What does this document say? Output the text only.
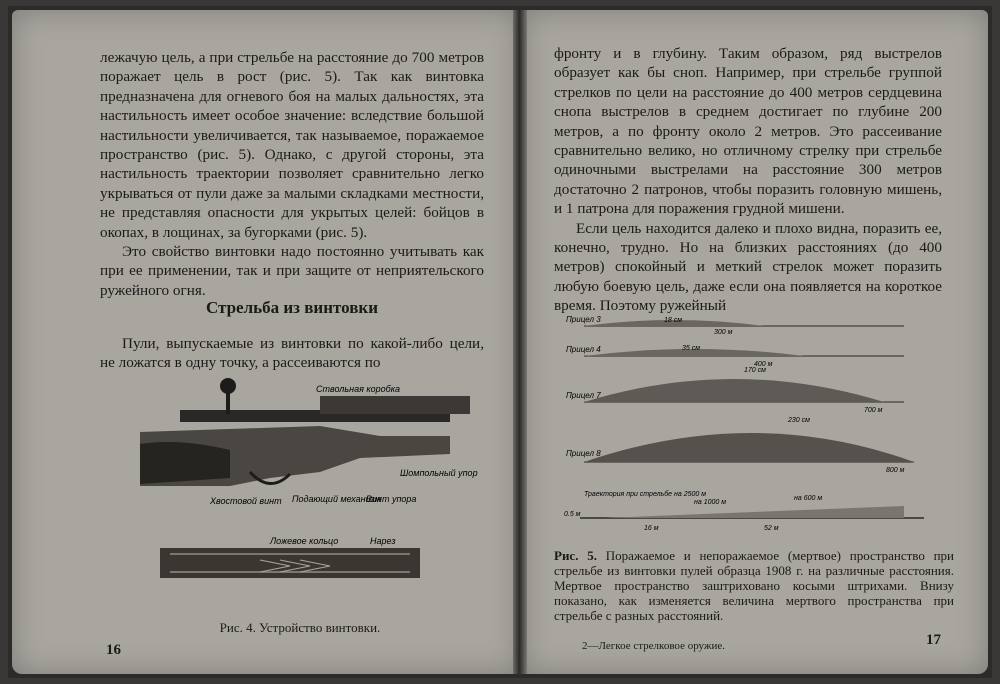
лежачую цель, а при стрельбе на расстояние до 700 метров поражает цель в рост (рис. 5). Так как винтовка предназначена для огневого боя на малых дальностях, эта настильность имеет особое значение: вследствие большой настильности увеличивается, так называемое, поражаемое пространство (рис. 5). Однако, с другой стороны, эта настильность траектории позволяет сравнительно легко укрываться от пули даже за малыми складками местности, не представляя опасности для укрытых целей: бойцов в окопах, в лощинах, за бугорками (рис. 5).

Это свойство винтовки надо постоянно учитывать как при ее применении, так и при защите от неприятельского ружейного огня.

Стрельба из винтовки

Пули, выпускаемые из винтовки по какой-либо цели, не ложатся в одну точку, а рассеиваются по

Ствольная коробка
Шомпольный упор
Хвостовой винт Подающий механизм
Винт упора
Ложевое кольцо	Нарез
Рис. 4. Устройство винтовки.
16

фронту и в глубину. Таким образом, ряд выстрелов образует как бы сноп. Например, при стрельбе группой стрелков по цели на расстояние до 400 метров сердцевина снопа выстрелов в среднем достигает по глубине 200 метров, а по фронту около 2 метров. Это рассеивание сравнительно велико, но отличному стрелку при стрельбе одиночными выстрелами на расстояние 300 метров достаточно 2 патронов, чтобы поразить головную мишень, и 1 патрона для поражения грудной мишени.

Если цель находится далеко и плохо видна, поразить ее, конечно, трудно. Но на близких расстояниях (до 400 метров) спокойный и меткий стрелок может поразить любую боевую цель, даже если она появляется на короткое время. Поэтому ружейный

Прицел 3	18 см
300 м
Прицел 4	35 см
400 м
Прицел 7
170 см
700 м
Прицел 8
230 см
800 м
Траектория при стрельбе на 2500 м
на 1000 м
на 600 м
0.5 м
16 м	52 м
Рис. 5. Поражаемое и непоражаемое (мертвое) пространство при стрельбе из винтовки пулей образца 1908 г. на различные расстояния. Мертвое пространство заштриховано косыми штрихами. Внизу показано, как изменяется величина мертвого пространства при стрельбе с разных расстояний.
2—Легкое стрелковое оружие.	17
